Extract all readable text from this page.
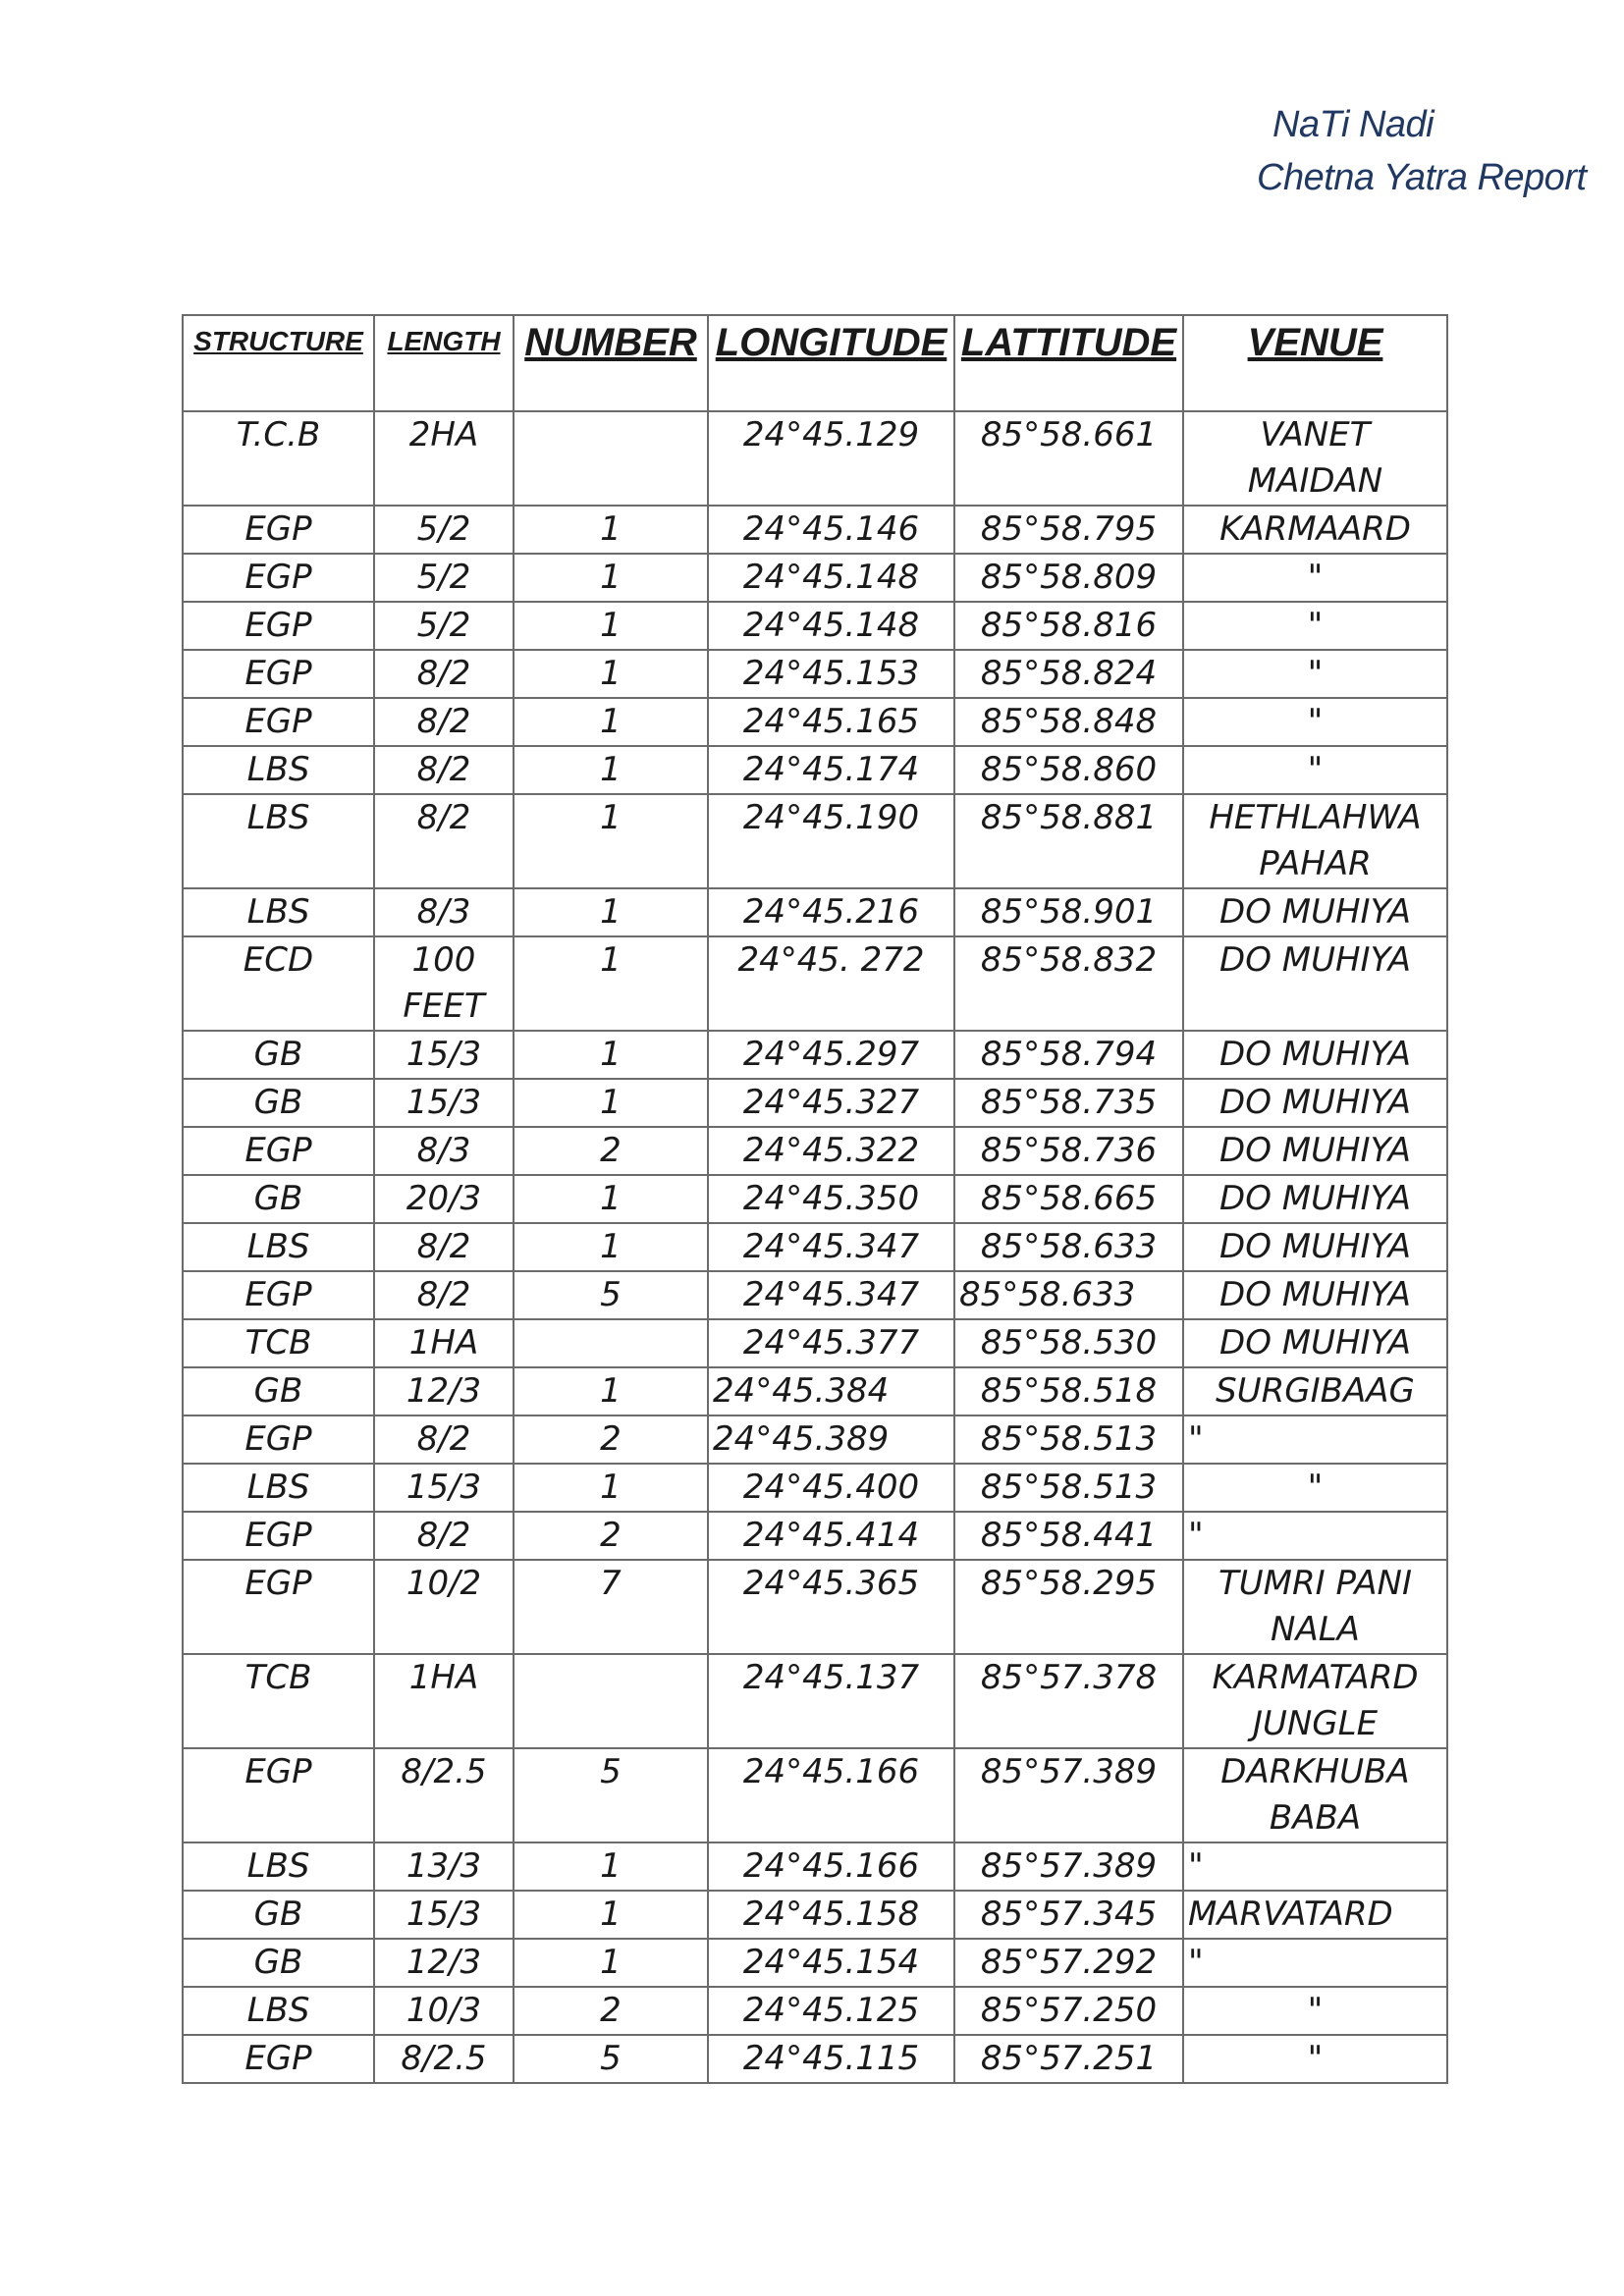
NaTi Nadi
Chetna Yatra Report
STRUCTURE	LENGTH	NUMBER	LONGITUDE	LATTITUDE	VENUE
T.C.B	2HA		24°45.129	85°58.661	VANET MAIDAN
EGP	5/2	1	24°45.146	85°58.795	KARMAARD
EGP	5/2	1	24°45.148	85°58.809	"
EGP	5/2	1	24°45.148	85°58.816	"
EGP	8/2	1	24°45.153	85°58.824	"
EGP	8/2	1	24°45.165	85°58.848	"
LBS	8/2	1	24°45.174	85°58.860	"
LBS	8/2	1	24°45.190	85°58.881	HETHLAHWA PAHAR
LBS	8/3	1	24°45.216	85°58.901	DO MUHIYA
ECD	100 FEET	1	24°45. 272	85°58.832	DO MUHIYA
GB	15/3	1	24°45.297	85°58.794	DO MUHIYA
GB	15/3	1	24°45.327	85°58.735	DO MUHIYA
EGP	8/3	2	24°45.322	85°58.736	DO MUHIYA
GB	20/3	1	24°45.350	85°58.665	DO MUHIYA
LBS	8/2	1	24°45.347	85°58.633	DO MUHIYA
EGP	8/2	5	24°45.347	85°58.633	DO MUHIYA
TCB	1HA		24°45.377	85°58.530	DO MUHIYA
GB	12/3	1	24°45.384	85°58.518	SURGIBAAG
EGP	8/2	2	24°45.389	85°58.513	"
LBS	15/3	1	24°45.400	85°58.513	"
EGP	8/2	2	24°45.414	85°58.441	"
EGP	10/2	7	24°45.365	85°58.295	TUMRI PANI NALA
TCB	1HA		24°45.137	85°57.378	KARMATARD JUNGLE
EGP	8/2.5	5	24°45.166	85°57.389	DARKHUBA BABA
LBS	13/3	1	24°45.166	85°57.389	"
GB	15/3	1	24°45.158	85°57.345	MARVATARD
GB	12/3	1	24°45.154	85°57.292	"
LBS	10/3	2	24°45.125	85°57.250	"
EGP	8/2.5	5	24°45.115	85°57.251	"
